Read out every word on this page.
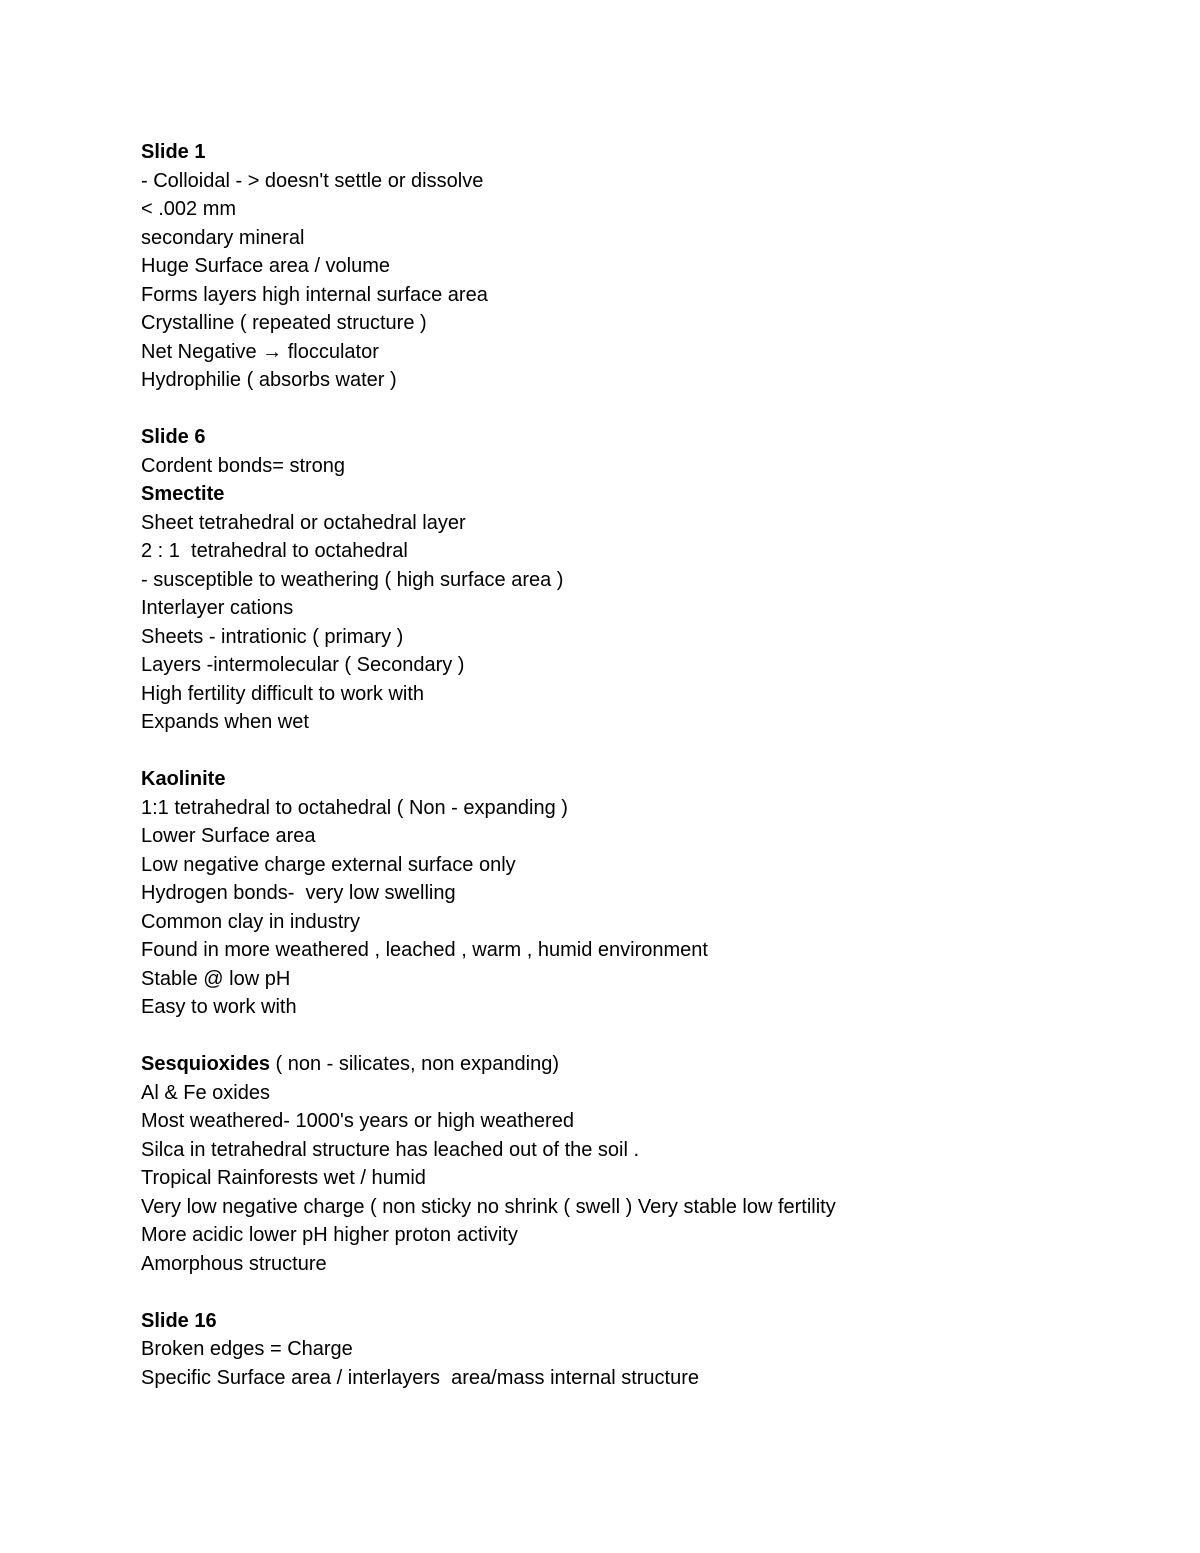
Slide 1
- Colloidal - > doesn't settle or dissolve
< .002 mm
secondary mineral
Huge Surface area / volume
Forms layers high internal surface area
Crystalline ( repeated structure )
Net Negative → flocculator
Hydrophilie ( absorbs water )
Slide 6
Cordent bonds= strong
Smectite
Sheet tetrahedral or octahedral layer
2 : 1  tetrahedral to octahedral
- susceptible to weathering ( high surface area )
Interlayer cations
Sheets - intrationic ( primary )
Layers -intermolecular ( Secondary )
High fertility difficult to work with
Expands when wet
Kaolinite
1:1 tetrahedral to octahedral ( Non - expanding )
Lower Surface area
Low negative charge external surface only
Hydrogen bonds-  very low swelling
Common clay in industry
Found in more weathered , leached , warm , humid environment
Stable @ low pH
Easy to work with
Sesquioxides ( non - silicates, non expanding)
Al & Fe oxides
Most weathered- 1000's years or high weathered
Silca in tetrahedral structure has leached out of the soil .
Tropical Rainforests wet / humid
Very low negative charge ( non sticky no shrink ( swell ) Very stable low fertility
More acidic lower pH higher proton activity
Amorphous structure
Slide 16
Broken edges = Charge
Specific Surface area / interlayers  area/mass internal structure
